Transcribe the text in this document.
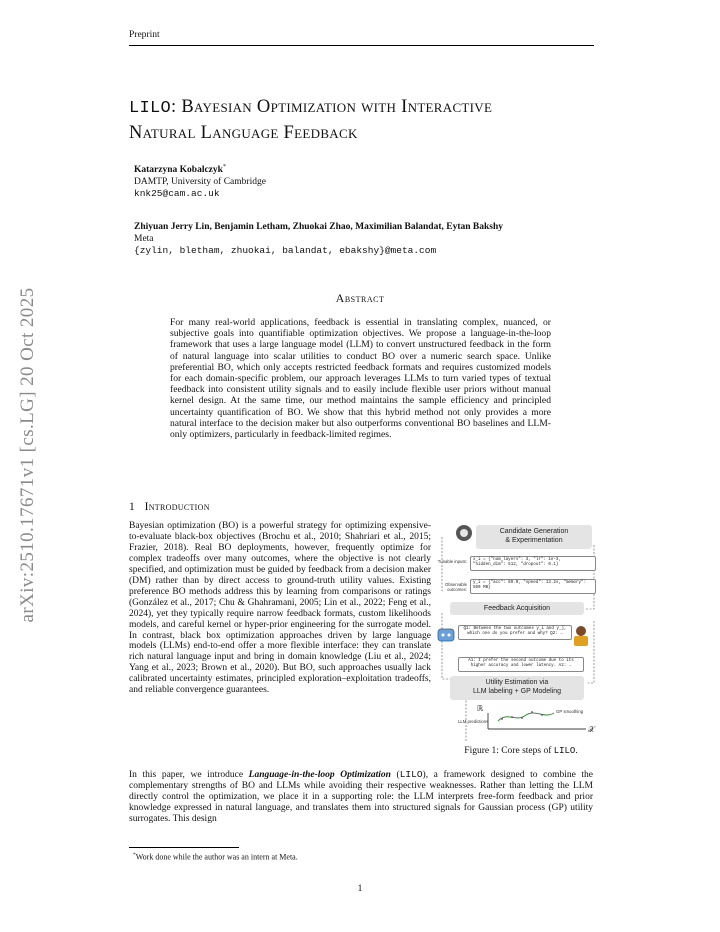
Preprint
arXiv:2510.17671v1 [cs.LG] 20 Oct 2025
LILO: Bayesian Optimization with Interactive
Natural Language Feedback
Katarzyna Kobalczyk*
DAMTP, University of Cambridge
knk25@cam.ac.uk
Zhiyuan Jerry Lin, Benjamin Letham, Zhuokai Zhao, Maximilian Balandat, Eytan Bakshy
Meta
{zylin, bletham, zhuokai, balandat, ebakshy}@meta.com
Abstract
For many real-world applications, feedback is essential in translating complex, nuanced, or subjective goals into quantifiable optimization objectives. We propose a language-in-the-loop framework that uses a large language model (LLM) to convert unstructured feedback in the form of natural language into scalar utilities to conduct BO over a numeric search space. Unlike preferential BO, which only accepts restricted feedback formats and requires customized models for each domain-specific problem, our approach leverages LLMs to turn varied types of textual feedback into consistent utility signals and to easily include flexible user priors without manual kernel design. At the same time, our method maintains the sample efficiency and principled uncertainty quantification of BO. We show that this hybrid method not only provides a more natural interface to the decision maker but also outperforms conventional BO baselines and LLM-only optimizers, particularly in feedback-limited regimes.
1 Introduction
Bayesian optimization (BO) is a powerful strategy for optimizing expensive-to-evaluate black-box objectives (Brochu et al., 2010; Shahriari et al., 2015; Frazier, 2018). Real BO deployments, however, frequently optimize for complex tradeoffs over many outcomes, where the objective is not clearly specified, and optimization must be guided by feedback from a decision maker (DM) rather than by direct access to ground-truth utility values. Existing preference BO methods address this by learning from comparisons or ratings (González et al., 2017; Chu & Ghahramani, 2005; Lin et al., 2022; Feng et al., 2024), yet they typically require narrow feedback formats, custom likelihoods models, and careful kernel or hyper-prior engineering for the surrogate model. In contrast, black box optimization approaches driven by large language models (LLMs) end-to-end offer a more flexible interface: they can translate rich natural language input and bring in domain knowledge (Liu et al., 2024; Yang et al., 2023; Brown et al., 2020). But BO, such approaches usually lack calibrated uncertainty estimates, principled exploration–exploitation tradeoffs, and reliable convergence guarantees.
Candidate Generation
& Experimentation
Tunable inputs:	x_i = {"num_layers": 3, "lr": 1e-3, "hidden_dim": 512, "dropout": 0.1}
Observable outcomes:
y_i = {"acc": 89.0, "speed": 13.2s, "memory": 500 MB}
Feedback Acquisition
Q1: Between the two outcomes y_i and y_j, which one do you prefer and why? Q2: …
A1: I prefer the second outcome due to its higher accuracy and lower latency. A2: …
Utility Estimation via
LLM labeling + GP Modeling
ℝ
𝒳
GP smoothing
LLM predictions
Figure 1: Core steps of LILO.
In this paper, we introduce Language-in-the-loop Optimization (LILO), a framework designed to combine the complementary strengths of BO and LLMs while avoiding their respective weaknesses. Rather than letting the LLM directly control the optimization, we place it in a supporting role: the LLM interprets free-form feedback and prior knowledge expressed in natural language, and translates them into structured signals for Gaussian process (GP) utility surrogates. This design
*Work done while the author was an intern at Meta.
1
